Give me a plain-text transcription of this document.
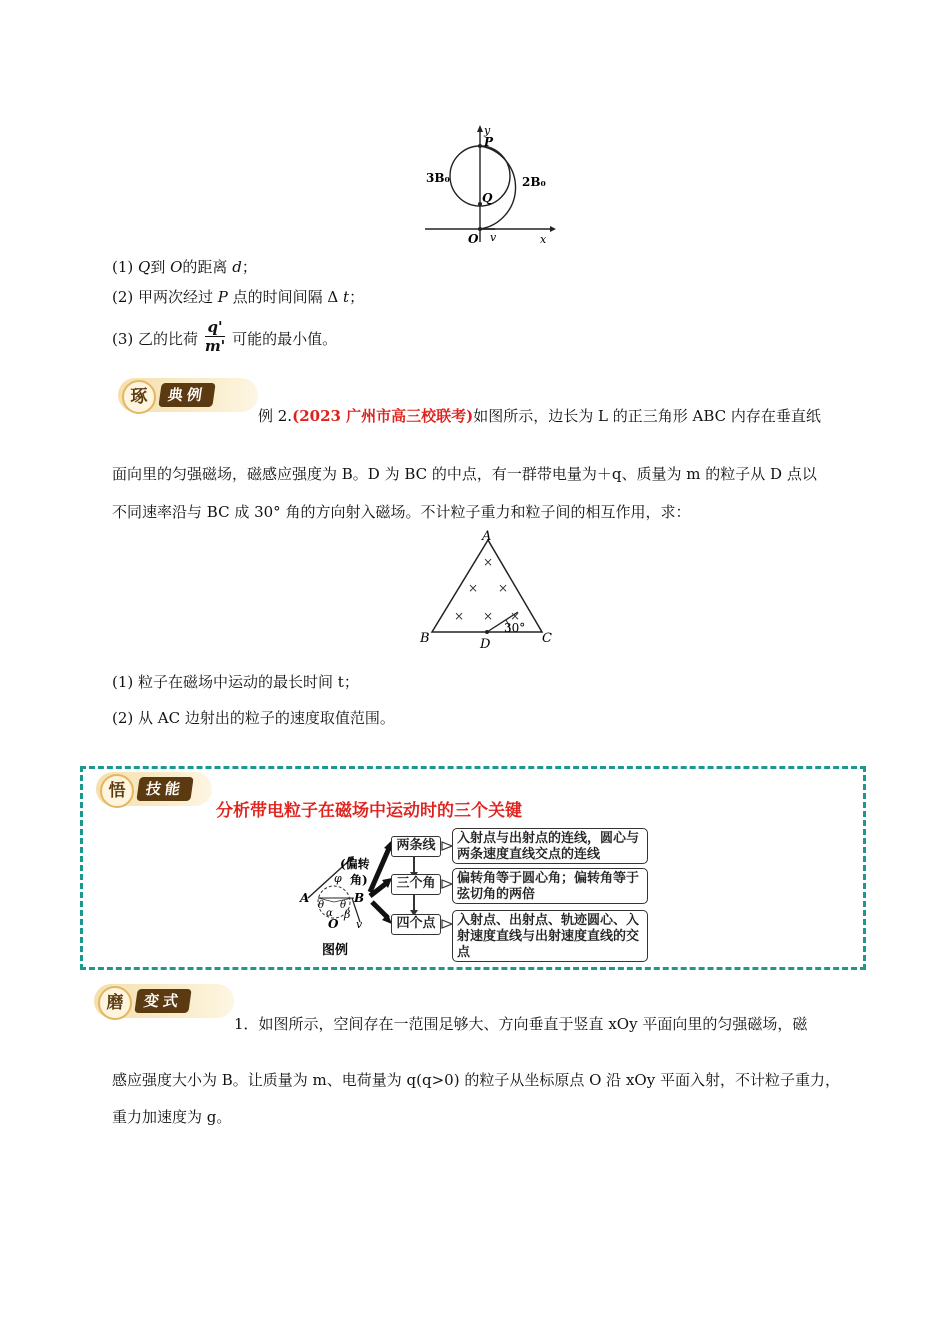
y
P
3B₀	2B₀
Q
O v	x
(1) Q到 O的距离 d；
(2) 甲两次经过 P 点的时间间隔 Δ t；
(3) 乙的比荷 $\frac{q'}{m'}$ 可能的最小值。
琢	典例
例 2.(2023 广州市高三校联考)如图所示，边长为 L 的正三角形 ABC 内存在垂直纸
面向里的匀强磁场，磁感应强度为 B。D 为 BC 的中点，有一群带电量为＋q、质量为 m 的粒子从 D 点以
不同速率沿与 BC 成 30° 角的方向射入磁场。不计粒子重力和粒子间的相互作用，求：
×
× ×
× × ×
A
B	C
D
30°
(1) 粒子在磁场中运动的最长时间 t；
(2) 从 AC 边射出的粒子的速度取值范围。
悟	技能
分析带电粒子在磁场中运动时的三个关键
φ
(偏转
角)
A
θ θ
B
α β
O v
图例
两条线
三个角
四个点
入射点与出射点的连线，圆心与两条速度直线交点的连线
偏转角等于圆心角；偏转角等于弦切角的两倍
入射点、出射点、轨迹圆心、入射速度直线与出射速度直线的交点
磨	变式
1．如图所示，空间存在一范围足够大、方向垂直于竖直 xOy 平面向里的匀强磁场，磁
感应强度大小为 B。让质量为 m、电荷量为 q(q>0) 的粒子从坐标原点 O 沿 xOy 平面入射，不计粒子重力，
重力加速度为 g。
